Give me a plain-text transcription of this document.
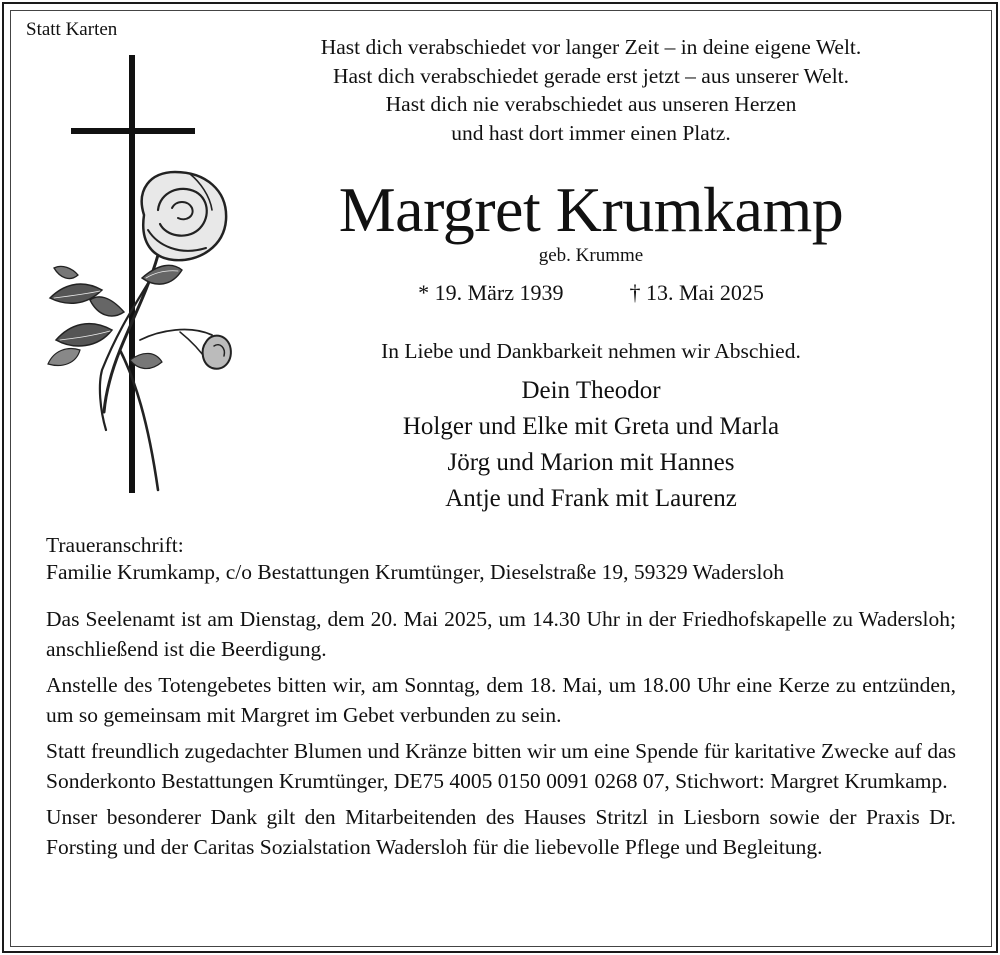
Statt Karten
Hast dich verabschiedet vor langer Zeit – in deine eigene Welt.
Hast dich verabschiedet gerade erst jetzt – aus unserer Welt.
Hast dich nie verabschiedet aus unseren Herzen
und hast dort immer einen Platz.
Margret Krumkamp
geb. Krumme
* 19. März 1939	† 13. Mai 2025
In Liebe und Dankbarkeit nehmen wir Abschied.
Dein Theodor
Holger und Elke mit Greta und Marla
Jörg und Marion mit Hannes
Antje und Frank mit Laurenz
Traueranschrift:
Familie Krumkamp, c/o Bestattungen Krumtünger, Dieselstraße 19, 59329 Wadersloh

Das Seelenamt ist am Dienstag, dem 20. Mai 2025, um 14.30 Uhr in der Friedhofskapelle zu Wadersloh; anschließend ist die Beerdigung.

Anstelle des Totengebetes bitten wir, am Sonntag, dem 18. Mai, um 18.00 Uhr eine Kerze zu entzünden, um so gemeinsam mit Margret im Gebet verbunden zu sein.

Statt freundlich zugedachter Blumen und Kränze bitten wir um eine Spende für karitative Zwecke auf das Sonderkonto Bestattungen Krumtünger, DE75 4005 0150 0091 0268 07, Stichwort: Margret Krumkamp.

Unser besonderer Dank gilt den Mitarbeitenden des Hauses Stritzl in Liesborn sowie der Praxis Dr. Forsting und der Caritas Sozialstation Wadersloh für die liebevolle Pflege und Begleitung.
